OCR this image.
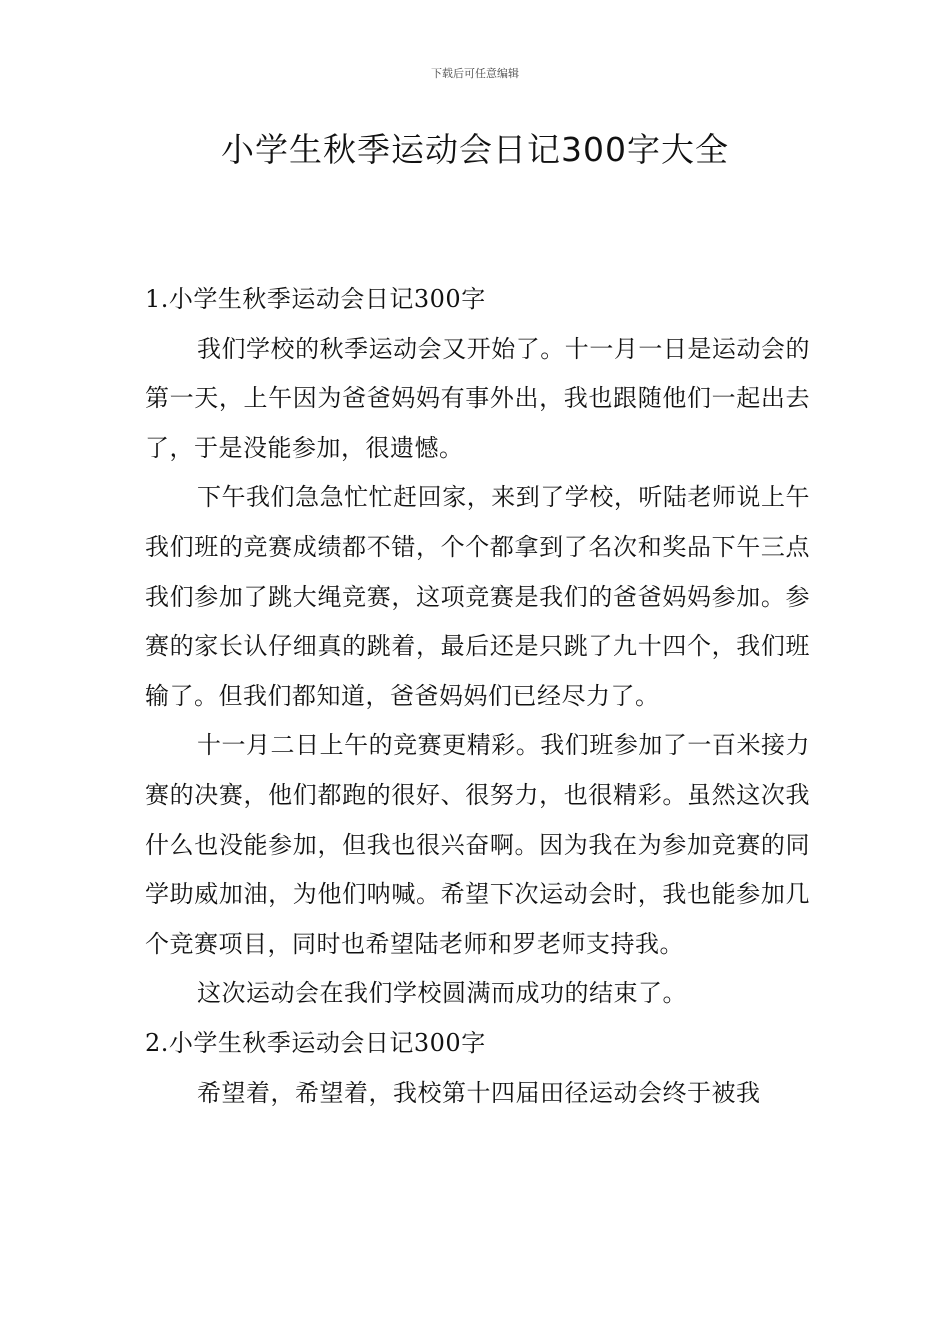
下载后可任意编辑
小学生秋季运动会日记300字大全

1.小学生秋季运动会日记300字

我们学校的秋季运动会又开始了。十一月一日是运动会的第一天，上午因为爸爸妈妈有事外出，我也跟随他们一起出去了，于是没能参加，很遗憾。

下午我们急急忙忙赶回家，来到了学校，听陆老师说上午我们班的竞赛成绩都不错，个个都拿到了名次和奖品下午三点我们参加了跳大绳竞赛，这项竞赛是我们的爸爸妈妈参加。参赛的家长认仔细真的跳着，最后还是只跳了九十四个，我们班输了。但我们都知道，爸爸妈妈们已经尽力了。

十一月二日上午的竞赛更精彩。我们班参加了一百米接力赛的决赛，他们都跑的很好、很努力，也很精彩。虽然这次我什么也没能参加，但我也很兴奋啊。因为我在为参加竞赛的同学助威加油，为他们呐喊。希望下次运动会时，我也能参加几个竞赛项目，同时也希望陆老师和罗老师支持我。

这次运动会在我们学校圆满而成功的结束了。

2.小学生秋季运动会日记300字

希望着，希望着，我校第十四届田径运动会终于被我
